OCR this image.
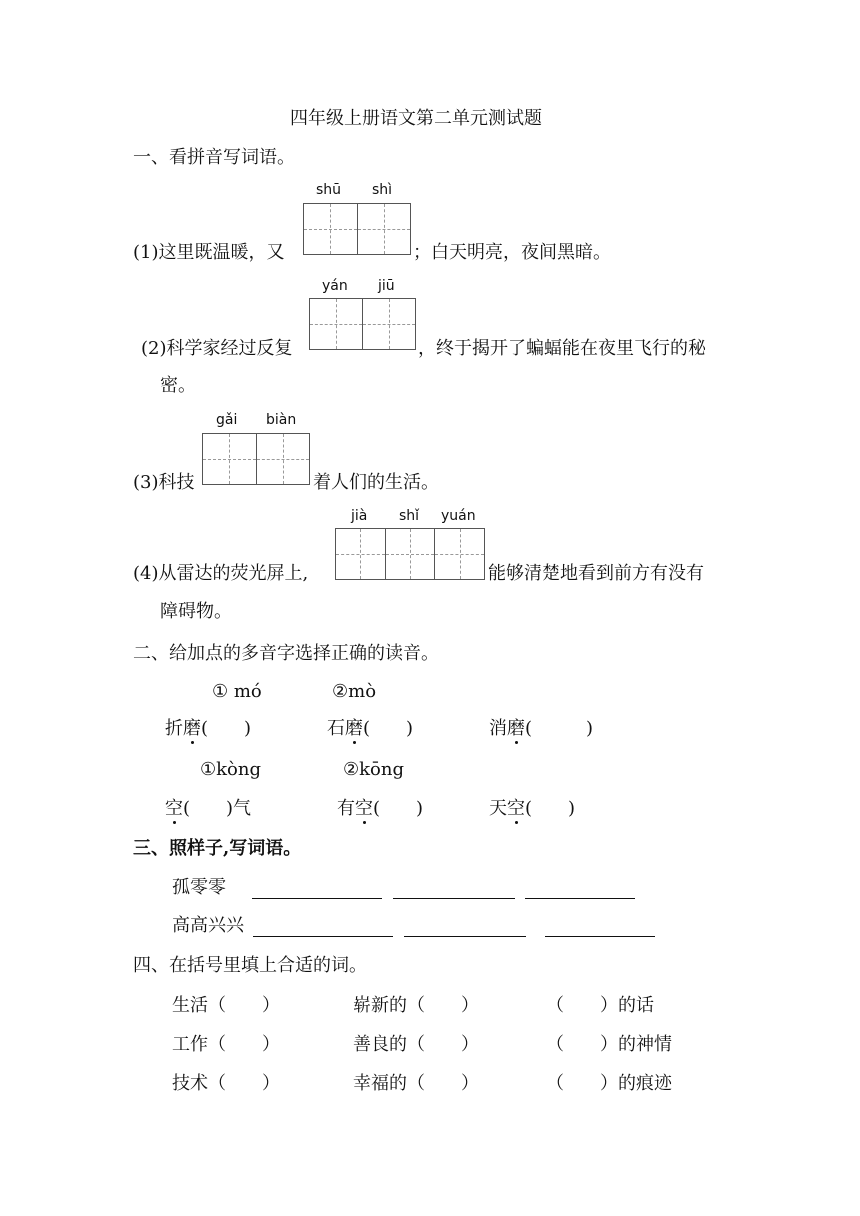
四年级上册语文第二单元测试题
一、看拼音写词语。
shū shì
(1)这里既温暖，又	；白天明亮，夜间黑暗。
yán jiū
(2)科学家经过反复	，终于揭开了蝙蝠能在夜里飞行的秘
密。
gǎi biàn
(3)科技	着人们的生活。
jià shǐ yuán
(4)从雷达的荧光屏上,	能够清楚地看到前方有没有
障碍物。
二、给加点的多音字选择正确的读音。
① mó	②mò
折磨(　　)	石磨(　　)	消磨(　　　)
①kòng	②kōng
空(　　)气	有空(　　)	天空(　　)
三、照样子,写词语。
孤零零
高高兴兴
四、在括号里填上合适的词。
生活（　　）	崭新的（　　）	（　　）的话
工作（　　）	善良的（　　）	（　　）的神情
技术（　　）	幸福的（　　）	（　　）的痕迹
